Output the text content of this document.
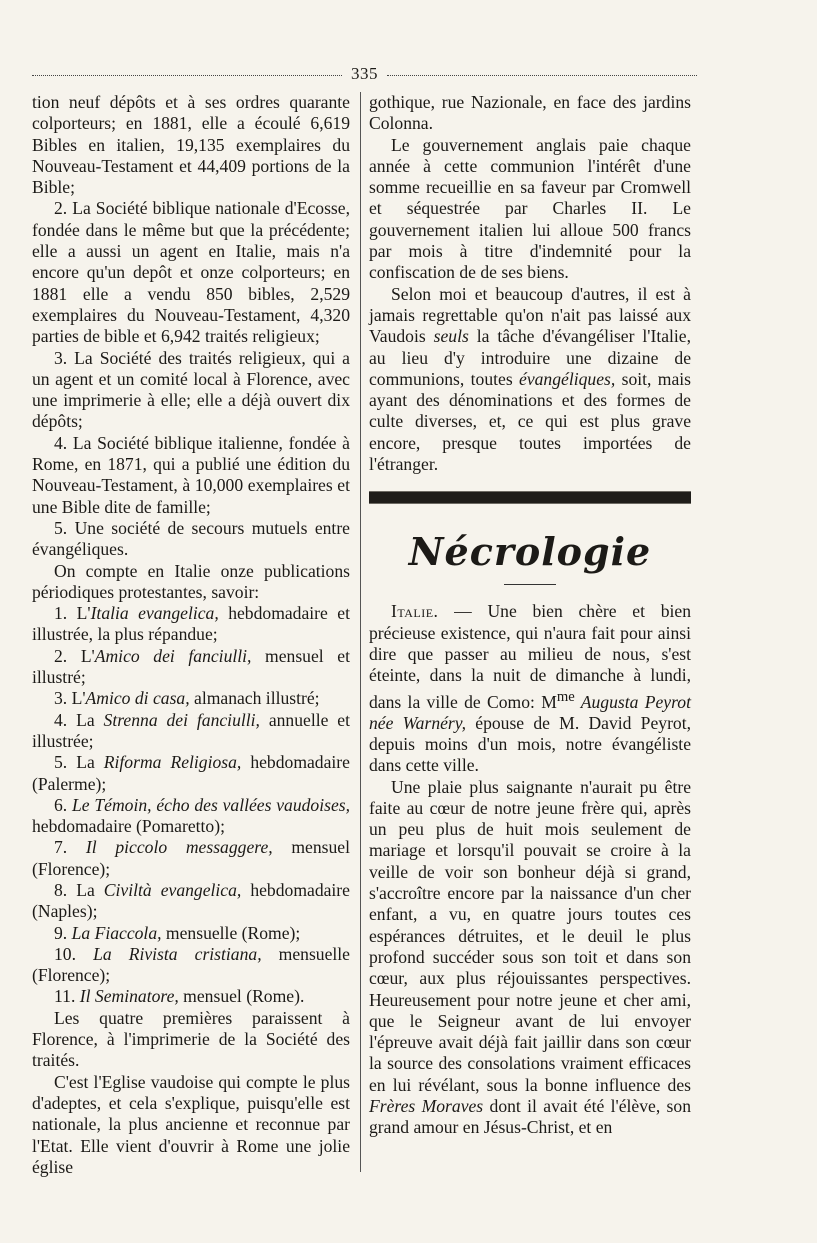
335

tion neuf dépôts et à ses ordres quarante colporteurs; en 1881, elle a écoulé 6,619 Bibles en italien, 19,135 exemplaires du Nouveau-Testament et 44,409 portions de la Bible;

2. La Société biblique nationale d'Ecosse, fondée dans le même but que la précédente; elle a aussi un agent en Italie, mais n'a encore qu'un depôt et onze colporteurs; en 1881 elle a vendu 850 bibles, 2,529 exemplaires du Nouveau-Testament, 4,320 parties de bible et 6,942 traités religieux;

3. La Société des traités religieux, qui a un agent et un comité local à Florence, avec une imprimerie à elle; elle a déjà ouvert dix dépôts;

4. La Société biblique italienne, fondée à Rome, en 1871, qui a publié une édition du Nouveau-Testament, à 10,000 exemplaires et une Bible dite de famille;

5. Une société de secours mutuels entre évangéliques.

On compte en Italie onze publications périodiques protestantes, savoir:

1. L'Italia evangelica, hebdomadaire et illustrée, la plus répandue;

2. L'Amico dei fanciulli, mensuel et illustré;

3. L'Amico di casa, almanach illustré;

4. La Strenna dei fanciulli, annuelle et illustrée;

5. La Riforma Religiosa, hebdomadaire (Palerme);

6. Le Témoin, écho des vallées vaudoises, hebdomadaire (Pomaretto);

7. Il piccolo messaggere, mensuel (Florence);

8. La Civiltà evangelica, hebdomadaire (Naples);

9. La Fiaccola, mensuelle (Rome);

10. La Rivista cristiana, mensuelle (Florence);

11. Il Seminatore, mensuel (Rome).

Les quatre premières paraissent à Florence, à l'imprimerie de la Société des traités.

C'est l'Eglise vaudoise qui compte le plus d'adeptes, et cela s'explique, puisqu'elle est nationale, la plus ancienne et reconnue par l'Etat. Elle vient d'ouvrir à Rome une jolie église

gothique, rue Nazionale, en face des jardins Colonna.

Le gouvernement anglais paie chaque année à cette communion l'intérêt d'une somme recueillie en sa faveur par Cromwell et séquestrée par Charles II. Le gouvernement italien lui alloue 500 francs par mois à titre d'indemnité pour la confiscation de de ses biens.

Selon moi et beaucoup d'autres, il est à jamais regrettable qu'on n'ait pas laissé aux Vaudois seuls la tâche d'évangéliser l'Italie, au lieu d'y introduire une dizaine de communions, toutes évangéliques, soit, mais ayant des dénominations et des formes de culte diverses, et, ce qui est plus grave encore, presque toutes importées de l'étranger.

Nécrologie

Italie. — Une bien chère et bien précieuse existence, qui n'aura fait pour ainsi dire que passer au milieu de nous, s'est éteinte, dans la nuit de dimanche à lundi, dans la ville de Como: $M^{me}$ Augusta Peyrot née Warnéry, épouse de M. David Peyrot, depuis moins d'un mois, notre évangéliste dans cette ville.

Une plaie plus saignante n'aurait pu être faite au cœur de notre jeune frère qui, après un peu plus de huit mois seulement de mariage et lorsqu'il pouvait se croire à la veille de voir son bonheur déjà si grand, s'accroître encore par la naissance d'un cher enfant, a vu, en quatre jours toutes ces espérances détruites, et le deuil le plus profond succéder sous son toit et dans son cœur, aux plus réjouissantes perspectives. Heureusement pour notre jeune et cher ami, que le Seigneur avant de lui envoyer l'épreuve avait déjà fait jaillir dans son cœur la source des consolations vraiment efficaces en lui révélant, sous la bonne influence des Frères Moraves dont il avait été l'élève, son grand amour en Jésus-Christ, et en
